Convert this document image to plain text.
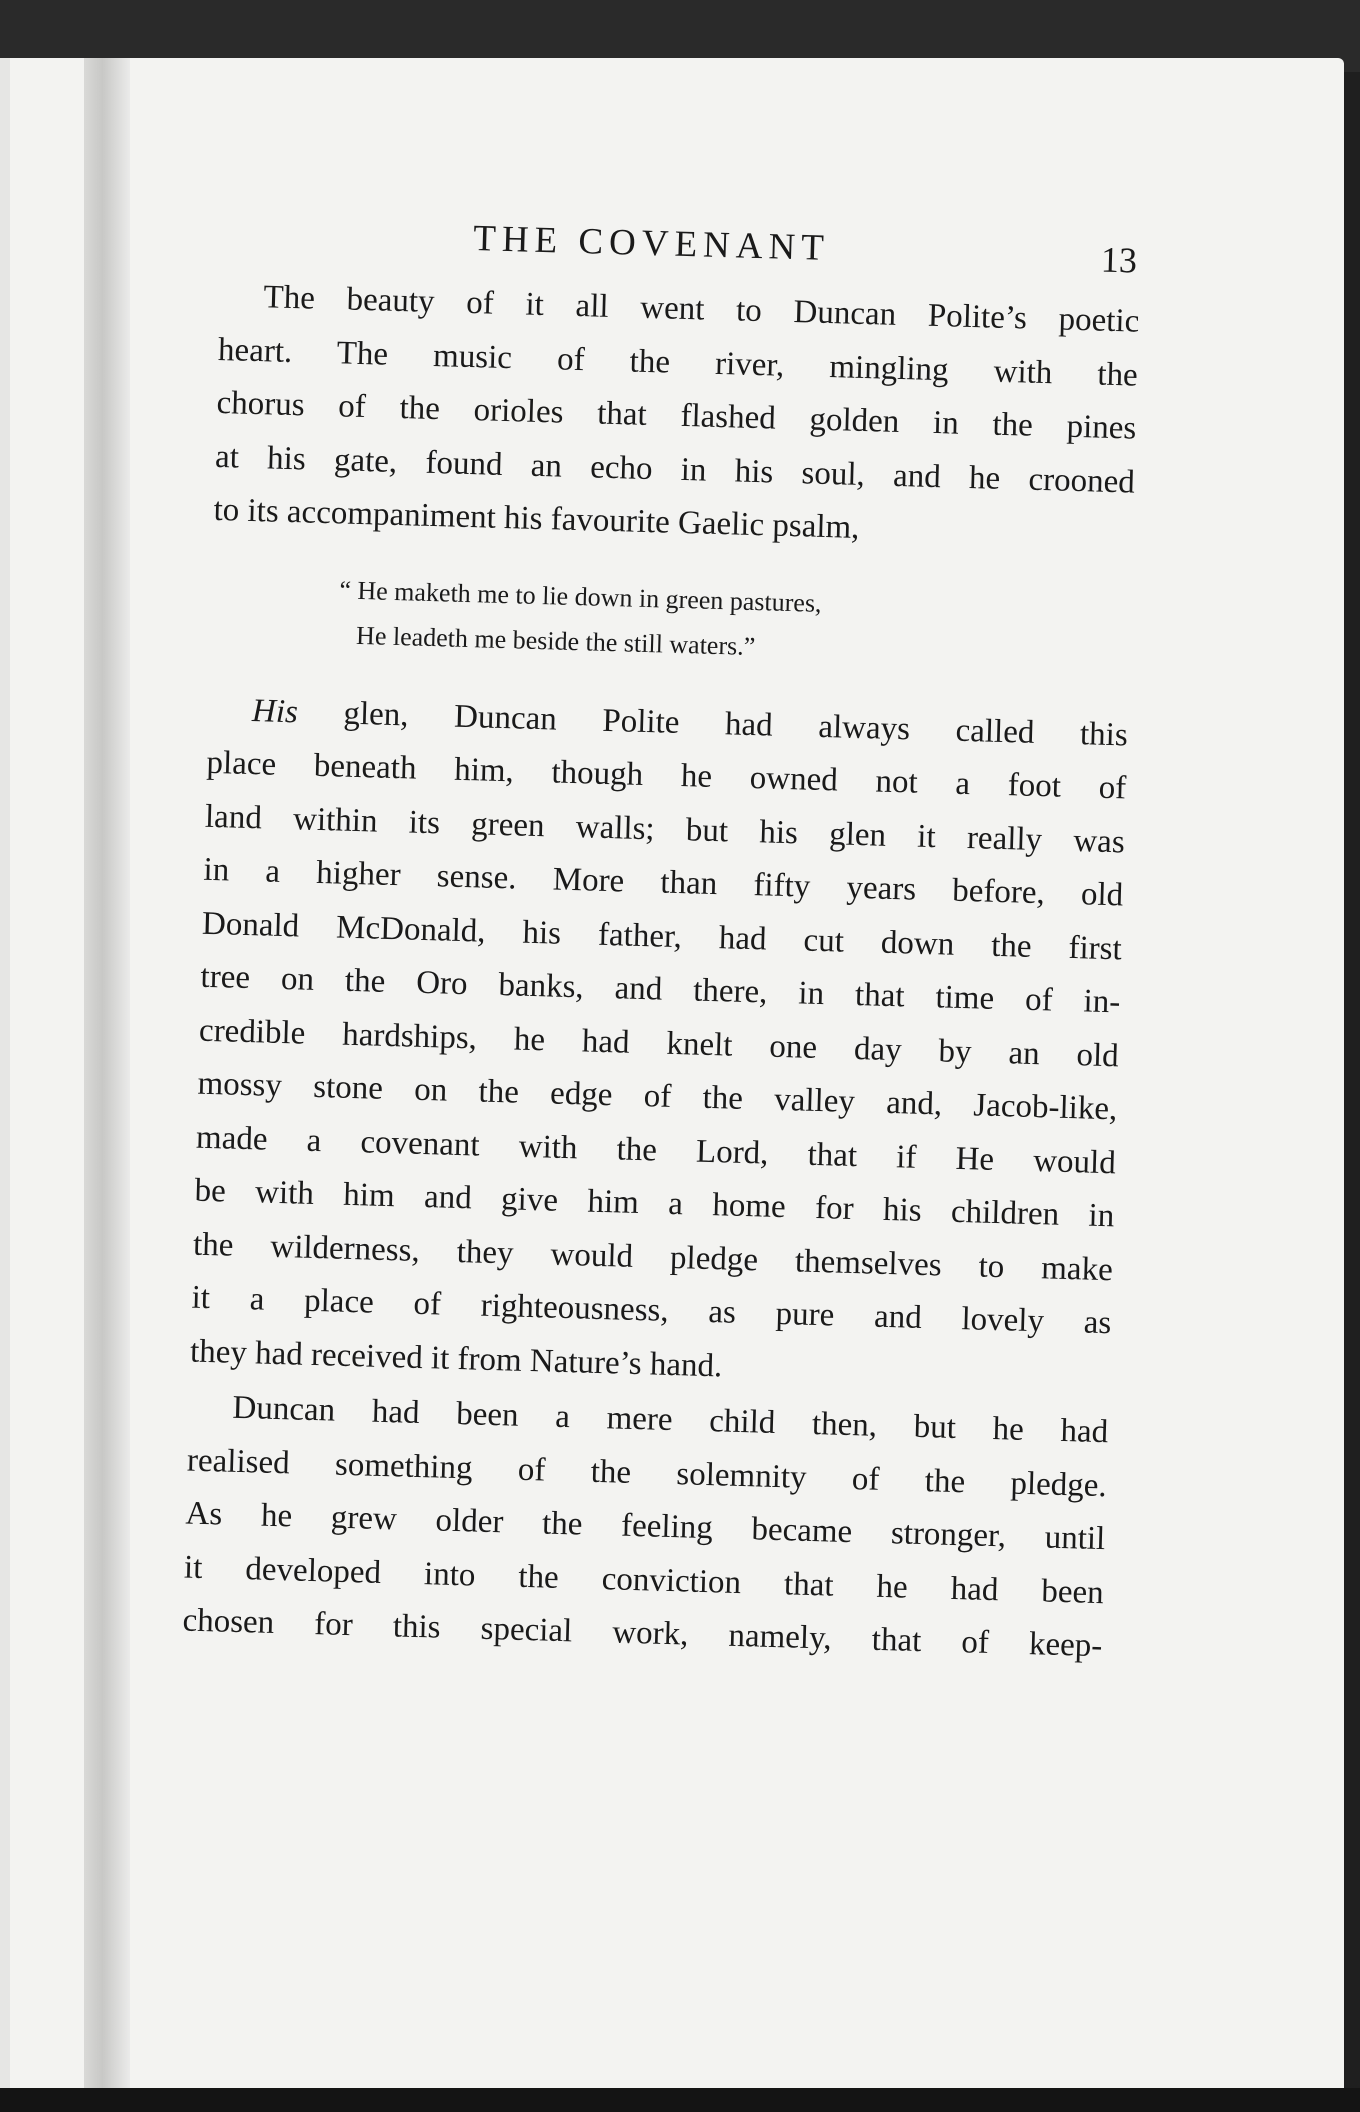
THE COVENANT	13

The beauty of it all went to Duncan Polite’s poetic
heart. The music of the river, mingling with the
chorus of the orioles that flashed golden in the pines
at his gate, found an echo in his soul, and he crooned
to its accompaniment his favourite Gaelic psalm,

“ He maketh me to lie down in green pastures,
He leadeth me beside the still waters.”

His glen, Duncan Polite had always called this
place beneath him, though he owned not a foot of
land within its green walls; but his glen it really was
in a higher sense. More than fifty years before, old
Donald McDonald, his father, had cut down the first
tree on the Oro banks, and there, in that time of in-
credible hardships, he had knelt one day by an old
mossy stone on the edge of the valley and, Jacob-like,
made a covenant with the Lord, that if He would
be with him and give him a home for his children in
the wilderness, they would pledge themselves to make
it a place of righteousness, as pure and lovely as
they had received it from Nature’s hand.

Duncan had been a mere child then, but he had
realised something of the solemnity of the pledge.
As he grew older the feeling became stronger, until
it developed into the conviction that he had been
chosen for this special work, namely, that of keep-
